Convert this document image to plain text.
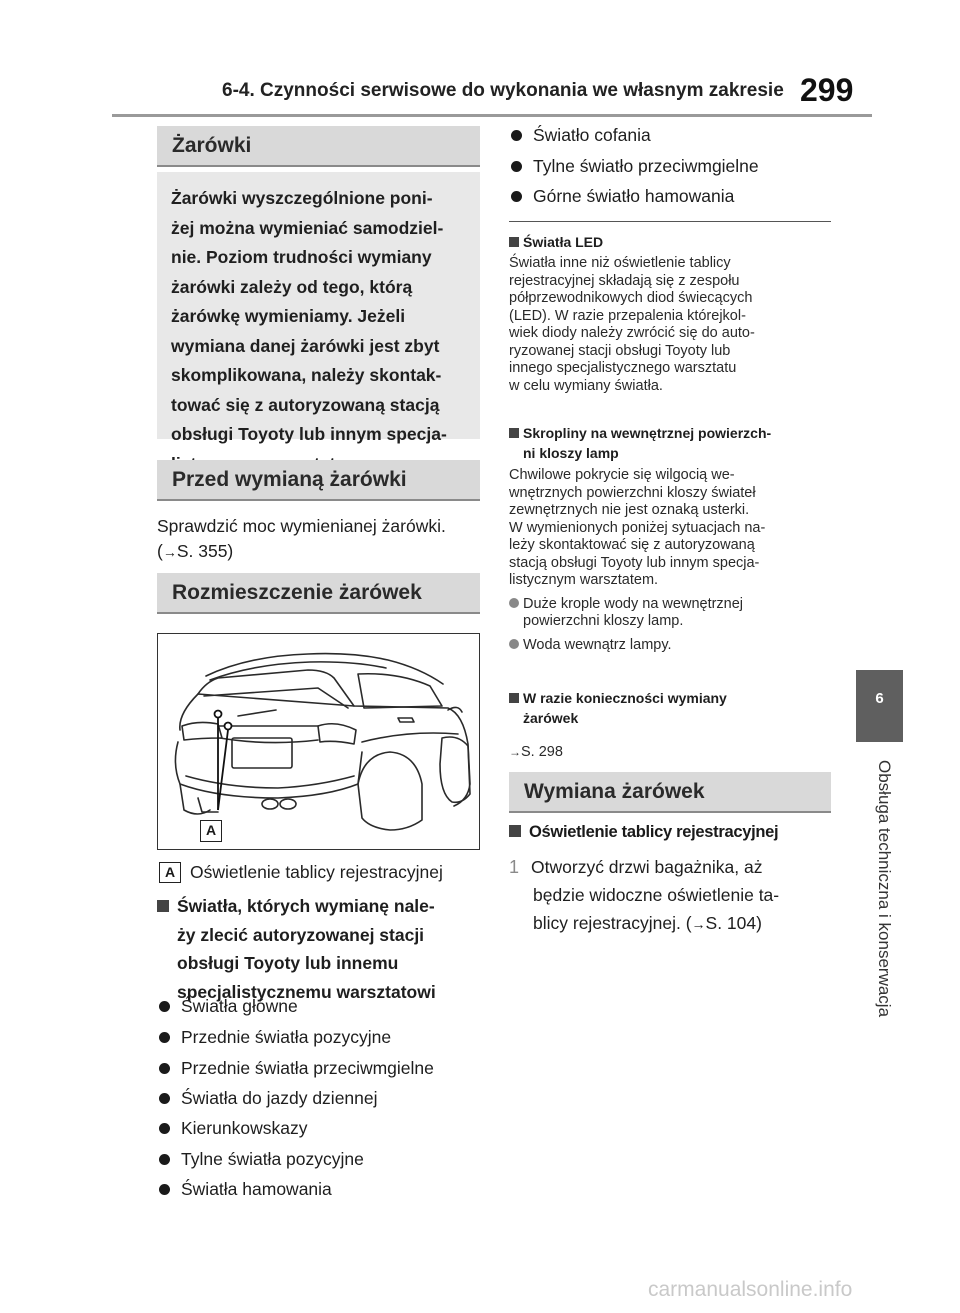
6-4. Czynności serwisowe do wykonania we własnym zakresie 299
6
Obsługa techniczna i konserwacja
Żarówki
Żarówki wyszczególnione poni-
żej można wymieniać samodziel-
nie. Poziom trudności wymiany
żarówki zależy od tego, którą
żarówkę wymieniamy. Jeżeli
wymiana danej żarówki jest zbyt
skomplikowana, należy skontak-
tować się z autoryzowaną stacją
obsługi Toyoty lub innym specja-
Przed wymianą żarówki
Sprawdzić moc wymienianej żarówki.
(→S. 355)
Rozmieszczenie żarówek
A
A Oświetlenie tablicy rejestracyjnej
Światła, których wymianę nale-
ży zlecić autoryzowanej stacji
obsługi Toyoty lub innemu
specjalistycznemu warsztatowi
Światła główne
Przednie światła pozycyjne
Przednie światła przeciwmgielne
Światła do jazdy dziennej
Kierunkowskazy
Tylne światła pozycyjne
Światła hamowania
Światło cofania
Tylne światło przeciwmgielne
Górne światło hamowania
Światła LED
Światła inne niż oświetlenie tablicy
rejestracyjnej składają się z zespołu
półprzewodnikowych diod świecących
(LED). W razie przepalenia którejkol-
wiek diody należy zwrócić się do auto-
ryzowanej stacji obsługi Toyoty lub
innego specjalistycznego warsztatu
w celu wymiany światła.
Skropliny na wewnętrznej powierzch-
ni kloszy lamp
Chwilowe pokrycie się wilgocią we-
wnętrznych powierzchni kloszy świateł
zewnętrznych nie jest oznaką usterki.
W wymienionych poniżej sytuacjach na-
leży skontaktować się z autoryzowaną
stacją obsługi Toyoty lub innym specja-
listycznym warsztatem.
Duże krople wody na wewnętrznej
powierzchni kloszy lamp.
Woda wewnątrz lampy.
W razie konieczności wymiany
żarówek
→S. 298
Wymiana żarówek
Oświetlenie tablicy rejestracyjnej
1 Otworzyć drzwi bagażnika, aż
będzie widoczne oświetlenie ta-
blicy rejestracyjnej. (→S. 104)
carmanualsonline.info
